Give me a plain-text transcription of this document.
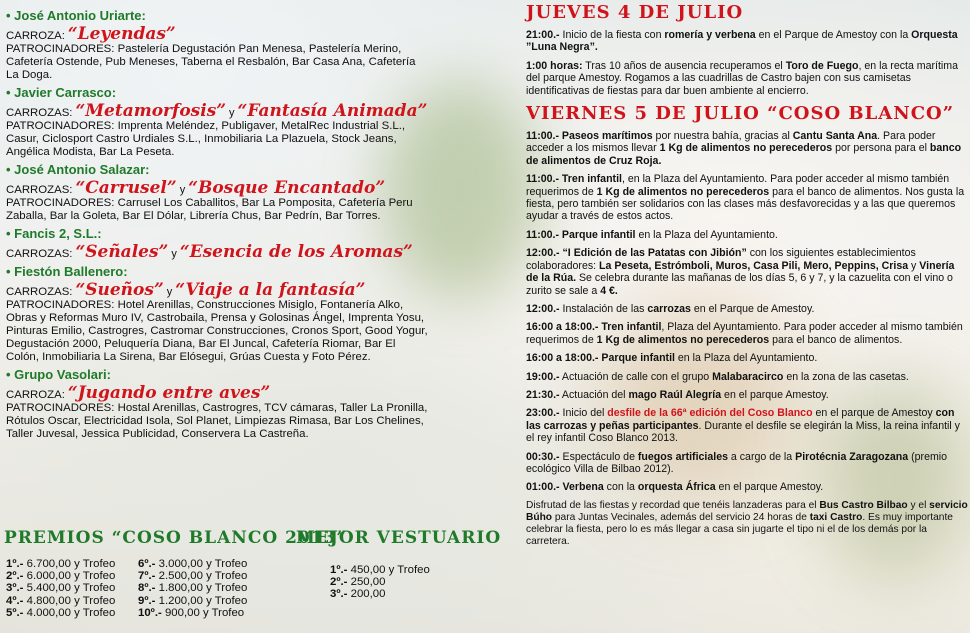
• José Antonio Uriarte:
CARROZA: “Leyendas”
PATROCINADORES: Pastelería Degustación Pan Menesa, Pastelería Merino,
Cafetería Ostende, Pub Meneses, Taberna el Resbalón, Bar Casa Ana, Cafetería
La Doga.
• Javier Carrasco:
CARROZAS: “Metamorfosis” y “Fantasía Animada”
PATROCINADORES: Imprenta Meléndez, Publigaver, MetalRec Industrial S.L.,
Casur, Ciclosport Castro Urdiales S.L., Inmobiliaria La Plazuela, Stock Jeans,
Angélica Modista, Bar La Peseta.
• José Antonio Salazar:
CARROZAS: “Carrusel” y “Bosque Encantado”
PATROCINADORES: Carrusel Los Caballitos, Bar La Pomposita, Cafetería Peru
Zaballa, Bar la Goleta, Bar El Dólar, Librería Chus, Bar Pedrín, Bar Torres.
• Fancis 2, S.L.:
CARROZAS: “Señales” y “Esencia de los Aromas”
• Fiestón Ballenero:
CARROZAS: “Sueños” y “Viaje a la fantasía”
PATROCINADORES: Hotel Arenillas, Construcciones Misiglo, Fontanería Alko,
Obras y Reformas Muro IV, Castrobaila, Prensa y Golosinas Ángel, Imprenta Yosu,
Pinturas Emilio, Castrogres, Castromar Construcciones, Cronos Sport, Good Yogur,
Degustación 2000, Peluquería Diana, Bar El Juncal, Cafetería Riomar, Bar El
Colón, Inmobiliaria La Sirena, Bar Elósegui, Grúas Cuesta y Foto Pérez.
• Grupo Vasolari:
CARROZA: “Jugando entre aves”
PATROCINADORES: Hostal Arenillas, Castrogres, TCV cámaras, Taller La Pronilla,
Rótulos Oscar, Electricidad Isola, Sol Planet, Limpiezas Rimasa, Bar Los Chelines,
Taller Juvesal, Jessica Publicidad, Conservera La Castreña.
PREMIOS “COSO BLANCO 2013”
MEJOR VESTUARIO
1º.- 6.700,00 y Trofeo
2º.- 6.000,00 y Trofeo
3º.- 5.400,00 y Trofeo
4º.- 4.800,00 y Trofeo
5º.- 4.000,00 y Trofeo
6º.- 3.000,00 y Trofeo
7º.- 2.500,00 y Trofeo
8º.- 1.800,00 y Trofeo
9º.- 1.200,00 y Trofeo
10º.- 900,00 y Trofeo
1º.- 450,00 y Trofeo
2º.- 250,00
3º.- 200,00
JUEVES 4 DE JULIO
21:00.- Inicio de la fiesta con romería y verbena en el Parque de Amestoy con la Orquesta ”Luna Negra”.
1:00 horas: Tras 10 años de ausencia recuperamos el Toro de Fuego, en la recta marítima del parque Amestoy. Rogamos a las cuadrillas de Castro bajen con sus camisetas identificativas de fiestas para dar buen ambiente al encierro.
VIERNES 5 DE JULIO “COSO BLANCO”
11:00.- Paseos marítimos por nuestra bahía, gracias al Cantu Santa Ana. Para poder acceder a los mismos llevar 1 Kg de alimentos no perecederos por persona para el banco de alimentos de Cruz Roja.
11:00.- Tren infantil, en la Plaza del Ayuntamiento. Para poder acceder al mismo también requerimos de 1 Kg de alimentos no perecederos para el banco de alimentos. Nos gusta la fiesta, pero también ser solidarios con las clases más desfavorecidas y a las que queremos ayudar a través de estos actos.
11:00.- Parque infantil en la Plaza del Ayuntamiento.
12:00.- “I Edición de las Patatas con Jibión” con los siguientes establecimientos colaboradores: La Peseta, Estrómboli, Muros, Casa Pili, Mero, Peppins, Crisa y Vinería de la Rúa. Se celebra durante las mañanas de los días 5, 6 y 7, y la cazuelita con el vino o zurito se sale a 4 €.
12:00.- Instalación de las carrozas en el Parque de Amestoy.
16:00 a 18:00.- Tren infantil, Plaza del Ayuntamiento. Para poder acceder al mismo también requerimos de 1 Kg de alimentos no perecederos para el banco de alimentos.
16:00 a 18:00.- Parque infantil en la Plaza del Ayuntamiento.
19:00.- Actuación de calle con el grupo Malabaracirco en la zona de las casetas.
21:30.- Actuación del mago Raúl Alegría en el parque Amestoy.
23:00.- Inicio del desfile de la 66ª edición del Coso Blanco en el parque de Amestoy con las carrozas y peñas participantes. Durante el desfile se elegirán la Miss, la reina infantil y el rey infantil Coso Blanco 2013.
00:30.- Espectáculo de fuegos artificiales a cargo de la Pirotécnia Zaragozana (premio ecológico Villa de Bilbao 2012).
01:00.- Verbena con la orquesta África en el parque Amestoy.
Disfrutad de las fiestas y recordad que tenéis lanzaderas para el Bus Castro Bilbao y el servicio Búho para Juntas Vecinales, además del servicio 24 horas de taxi Castro. Es muy importante celebrar la fiesta, pero lo es más llegar a casa sin jugarte el tipo ni el de los demás por la carretera.
